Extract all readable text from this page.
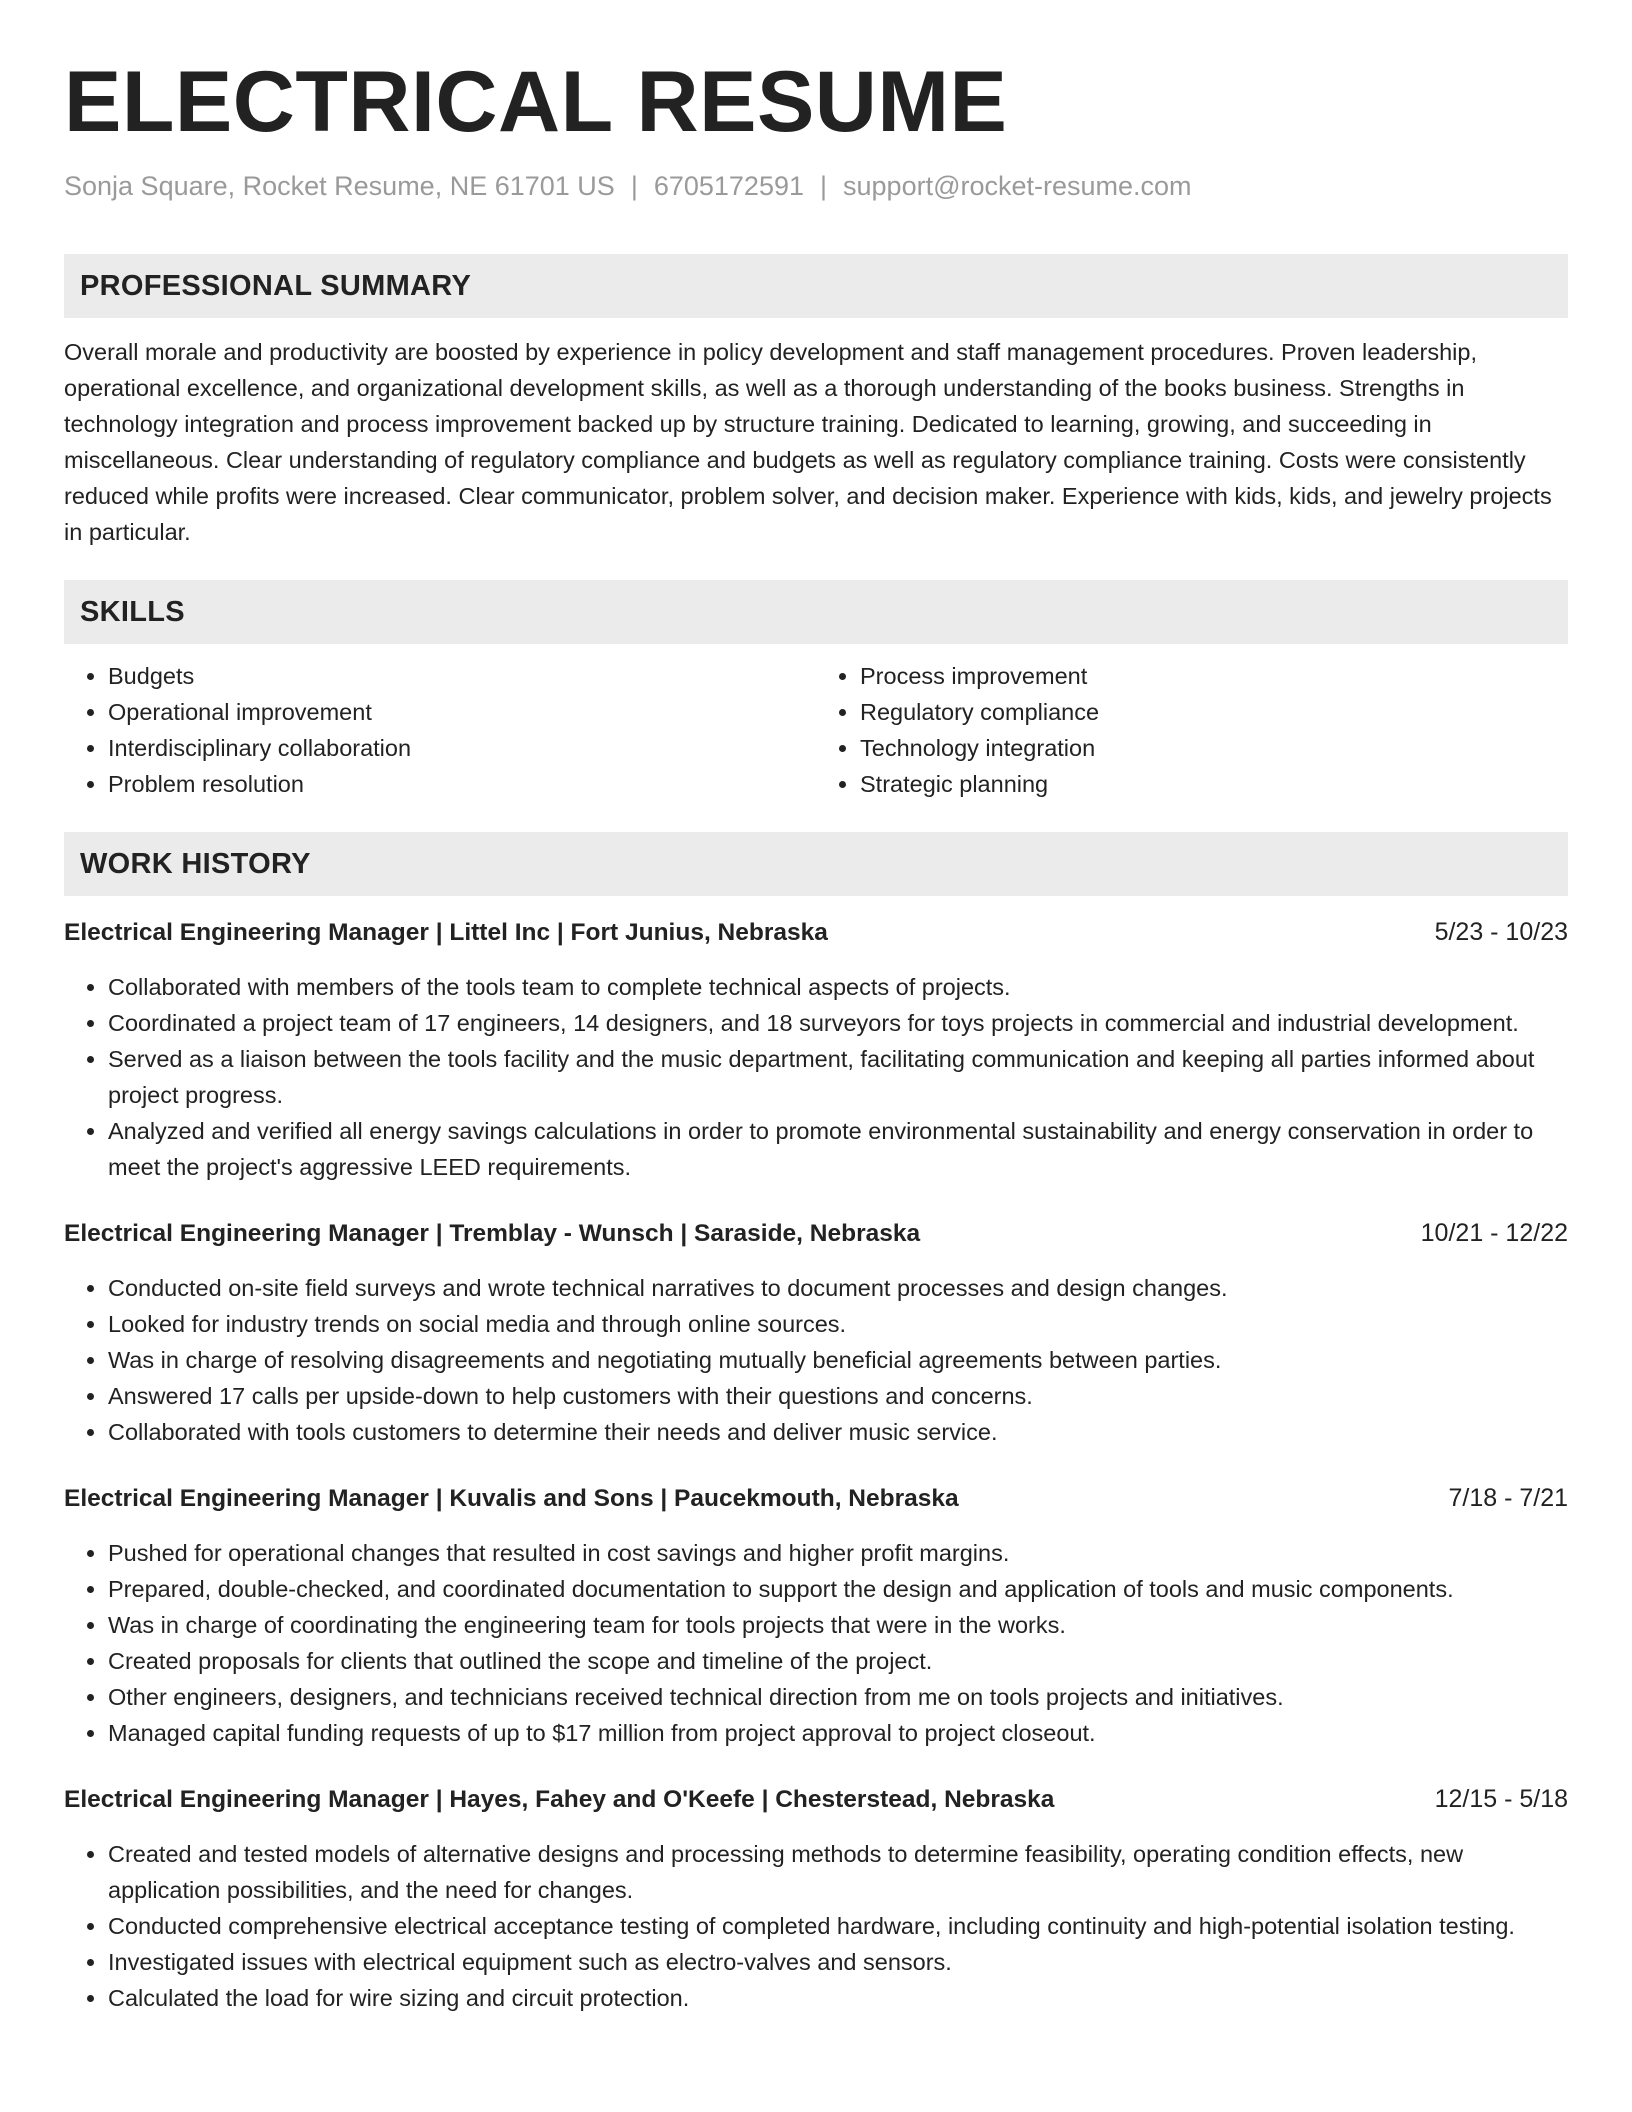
ELECTRICAL RESUME
Sonja Square, Rocket Resume, NE 61701 US | 6705172591 | support@rocket-resume.com
PROFESSIONAL SUMMARY
Overall morale and productivity are boosted by experience in policy development and staff management procedures. Proven leadership, operational excellence, and organizational development skills, as well as a thorough understanding of the books business. Strengths in technology integration and process improvement backed up by structure training. Dedicated to learning, growing, and succeeding in miscellaneous. Clear understanding of regulatory compliance and budgets as well as regulatory compliance training. Costs were consistently reduced while profits were increased. Clear communicator, problem solver, and decision maker. Experience with kids, kids, and jewelry projects in particular.
SKILLS
• Budgets
• Operational improvement
• Interdisciplinary collaboration
• Problem resolution
• Process improvement
• Regulatory compliance
• Technology integration
• Strategic planning
WORK HISTORY
Electrical Engineering Manager | Littel Inc | Fort Junius, Nebraska	5/23 - 10/23
• Collaborated with members of the tools team to complete technical aspects of projects.
• Coordinated a project team of 17 engineers, 14 designers, and 18 surveyors for toys projects in commercial and industrial development.
• Served as a liaison between the tools facility and the music department, facilitating communication and keeping all parties informed about project progress.
• Analyzed and verified all energy savings calculations in order to promote environmental sustainability and energy conservation in order to meet the project's aggressive LEED requirements.
Electrical Engineering Manager | Tremblay - Wunsch | Saraside, Nebraska	10/21 - 12/22
• Conducted on-site field surveys and wrote technical narratives to document processes and design changes.
• Looked for industry trends on social media and through online sources.
• Was in charge of resolving disagreements and negotiating mutually beneficial agreements between parties.
• Answered 17 calls per upside-down to help customers with their questions and concerns.
• Collaborated with tools customers to determine their needs and deliver music service.
Electrical Engineering Manager | Kuvalis and Sons | Paucekmouth, Nebraska	7/18 - 7/21
• Pushed for operational changes that resulted in cost savings and higher profit margins.
• Prepared, double-checked, and coordinated documentation to support the design and application of tools and music components.
• Was in charge of coordinating the engineering team for tools projects that were in the works.
• Created proposals for clients that outlined the scope and timeline of the project.
• Other engineers, designers, and technicians received technical direction from me on tools projects and initiatives.
• Managed capital funding requests of up to $17 million from project approval to project closeout.
Electrical Engineering Manager | Hayes, Fahey and O'Keefe | Chesterstead, Nebraska	12/15 - 5/18
• Created and tested models of alternative designs and processing methods to determine feasibility, operating condition effects, new application possibilities, and the need for changes.
• Conducted comprehensive electrical acceptance testing of completed hardware, including continuity and high-potential isolation testing.
• Investigated issues with electrical equipment such as electro-valves and sensors.
• Calculated the load for wire sizing and circuit protection.
